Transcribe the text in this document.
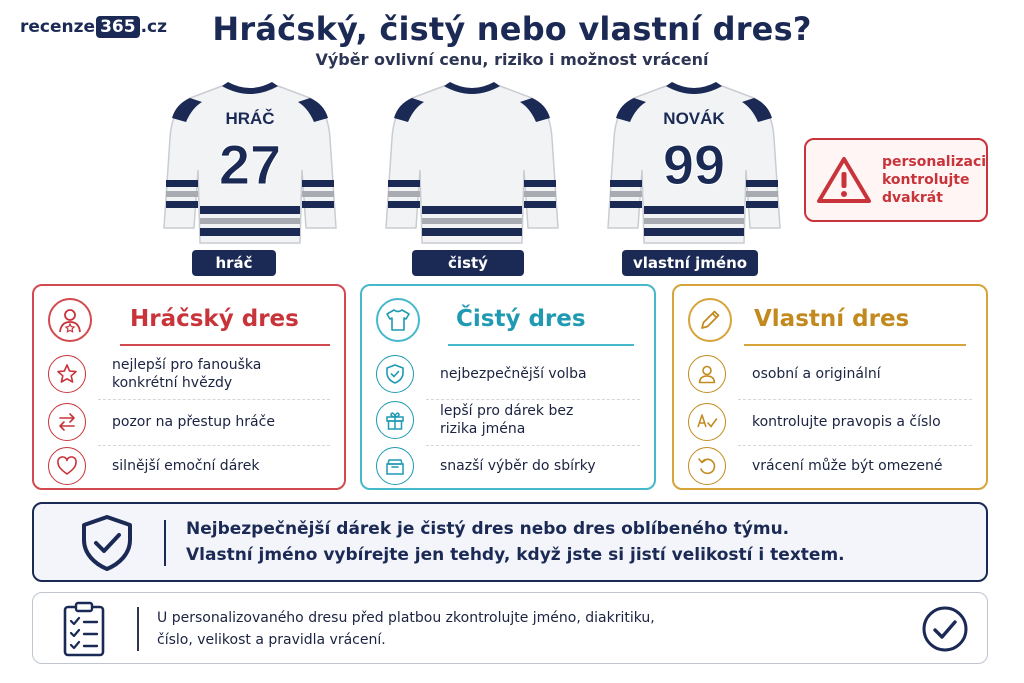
recenze 365 .cz	Hráčský, čistý nebo vlastní dres?
Výběr ovlivní cenu, riziko i možnost vrácení
HRÁČ
27
hráč	čistý
NOVÁK
99
vlastní jméno
personalizaci
kontrolujte
dvakrát
Hráčský dres
nejlepší pro fanouška
konkrétní hvězdy
pozor na přestup hráče
silnější emoční dárek
Čistý dres
nejbezpečnější volba
lepší pro dárek bez
rizika jména
snazší výběr do sbírky
Vlastní dres
osobní a originální
kontrolujte pravopis a číslo
vrácení může být omezené
Nejbezpečnější dárek je čistý dres nebo dres oblíbeného týmu.
Vlastní jméno vybírejte jen tehdy, když jste si jistí velikostí i textem.
U personalizovaného dresu před platbou zkontrolujte jméno, diakritiku,
číslo, velikost a pravidla vrácení.
